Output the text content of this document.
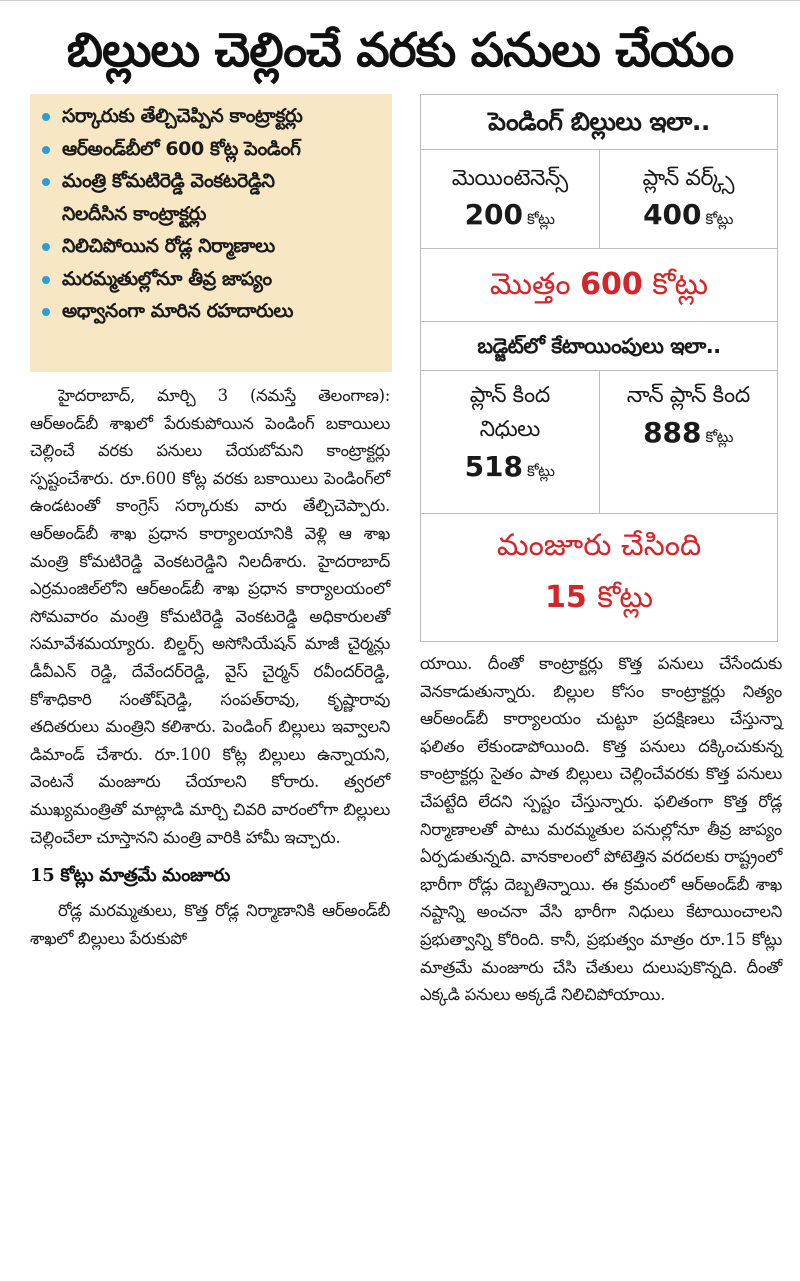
బిల్లులు చెల్లించే వరకు పనులు చేయం
సర్కారుకు తేల్చిచెప్పిన కాంట్రాక్టర్లు
ఆర్‌అండ్‌బీలో 600 కోట్ల పెండింగ్
మంత్రి కోమటిరెడ్డి వెంకటరెడ్డిని
నిలదీసిన కాంట్రాక్టర్లు
నిలిచిపోయిన రోడ్ల నిర్మాణాలు
మరమ్మతుల్లోనూ తీవ్ర జాప్యం
అధ్వానంగా మారిన రహదారులు
పెండింగ్ బిల్లులు ఇలా..
మెయింటెనెన్స్
200 కోట్లు
ప్లాన్ వర్క్స్
400 కోట్లు
మొత్తం 600 కోట్లు
బడ్జెట్‌లో కేటాయింపులు ఇలా..
ప్లాన్ కింద నిధులు
518 కోట్లు
నాన్ ప్లాన్ కింద
888 కోట్లు
మంజూరు చేసింది
15 కోట్లు

హైదరాబాద్, మార్చి 3 (నమస్తే తెలంగాణ): ఆర్‌అండ్‌బీ శాఖలో పేరుకుపోయిన పెండింగ్ బకాయిలు చెల్లించే వరకు పనులు చేయబోమని కాంట్రాక్టర్లు స్పష్టంచేశారు. రూ.600 కోట్ల వరకు బకాయిలు పెండింగ్‌లో ఉండటంతో కాంగ్రెస్ సర్కారుకు వారు తేల్చిచెప్పారు. ఆర్‌అండ్‌బీ శాఖ ప్రధాన కార్యాలయానికి వెళ్లి ఆ శాఖ మంత్రి కోమటిరెడ్డి వెంకటరెడ్డిని నిలదీశారు. హైదరాబాద్ ఎర్రమంజిల్‌లోని ఆర్‌అండ్‌బీ శాఖ ప్రధాన కార్యాలయంలో సోమవారం మంత్రి కోమటిరెడ్డి వెంకటరెడ్డి అధికారులతో సమావేశమయ్యారు. బిల్డర్స్ అసోసియేషన్ మాజీ చైర్మన్లు డీవీఎన్ రెడ్డి, దేవేందర్‌రెడ్డి, వైస్ చైర్మన్ రవీందర్‌రెడ్డి, కోశాధికారి సంతోష్‌రెడ్డి, సంపత్‌రావు, కృష్ణారావు తదితరులు మంత్రిని కలిశారు. పెండింగ్ బిల్లులు ఇవ్వాలని డిమాండ్ చేశారు. రూ.100 కోట్ల బిల్లులు ఉన్నాయని, వెంటనే మంజూరు చేయాలని కోరారు. త్వరలో ముఖ్యమంత్రితో మాట్లాడి మార్చి చివరి వారంలోగా బిల్లులు చెల్లించేలా చూస్తానని మంత్రి వారికి హామీ ఇచ్చారు.

15 కోట్లు మాత్రమే మంజూరు

రోడ్ల మరమ్మతులు, కొత్త రోడ్ల నిర్మాణానికి ఆర్‌అండ్‌బీ శాఖలో బిల్లులు పేరుకుపో

యాయి. దీంతో కాంట్రాక్టర్లు కొత్త పనులు చేసేందుకు వెనకాడుతున్నారు. బిల్లుల కోసం కాంట్రాక్టర్లు నిత్యం ఆర్‌అండ్‌బీ కార్యాలయం చుట్టూ ప్రదక్షిణలు చేస్తున్నా ఫలితం లేకుండాపోయింది. కొత్త పనులు దక్కించుకున్న కాంట్రాక్టర్లు సైతం పాత బిల్లులు చెల్లించేవరకు కొత్త పనులు చేపట్టేది లేదని స్పష్టం చేస్తున్నారు. ఫలితంగా కొత్త రోడ్ల నిర్మాణాలతో పాటు మరమ్మతుల పనుల్లోనూ తీవ్ర జాప్యం ఏర్పడుతున్నది. వానకాలంలో పోటెత్తిన వరదలకు రాష్ట్రంలో భారీగా రోడ్లు దెబ్బతిన్నాయి. ఈ క్రమంలో ఆర్‌అండ్‌బీ శాఖ నష్టాన్ని అంచనా వేసి భారీగా నిధులు కేటాయించాలని ప్రభుత్వాన్ని కోరింది. కానీ, ప్రభుత్వం మాత్రం రూ.15 కోట్లు మాత్రమే మంజూరు చేసి చేతులు దులుపుకొన్నది. దీంతో ఎక్కడి పనులు అక్కడే నిలిచిపోయాయి.
